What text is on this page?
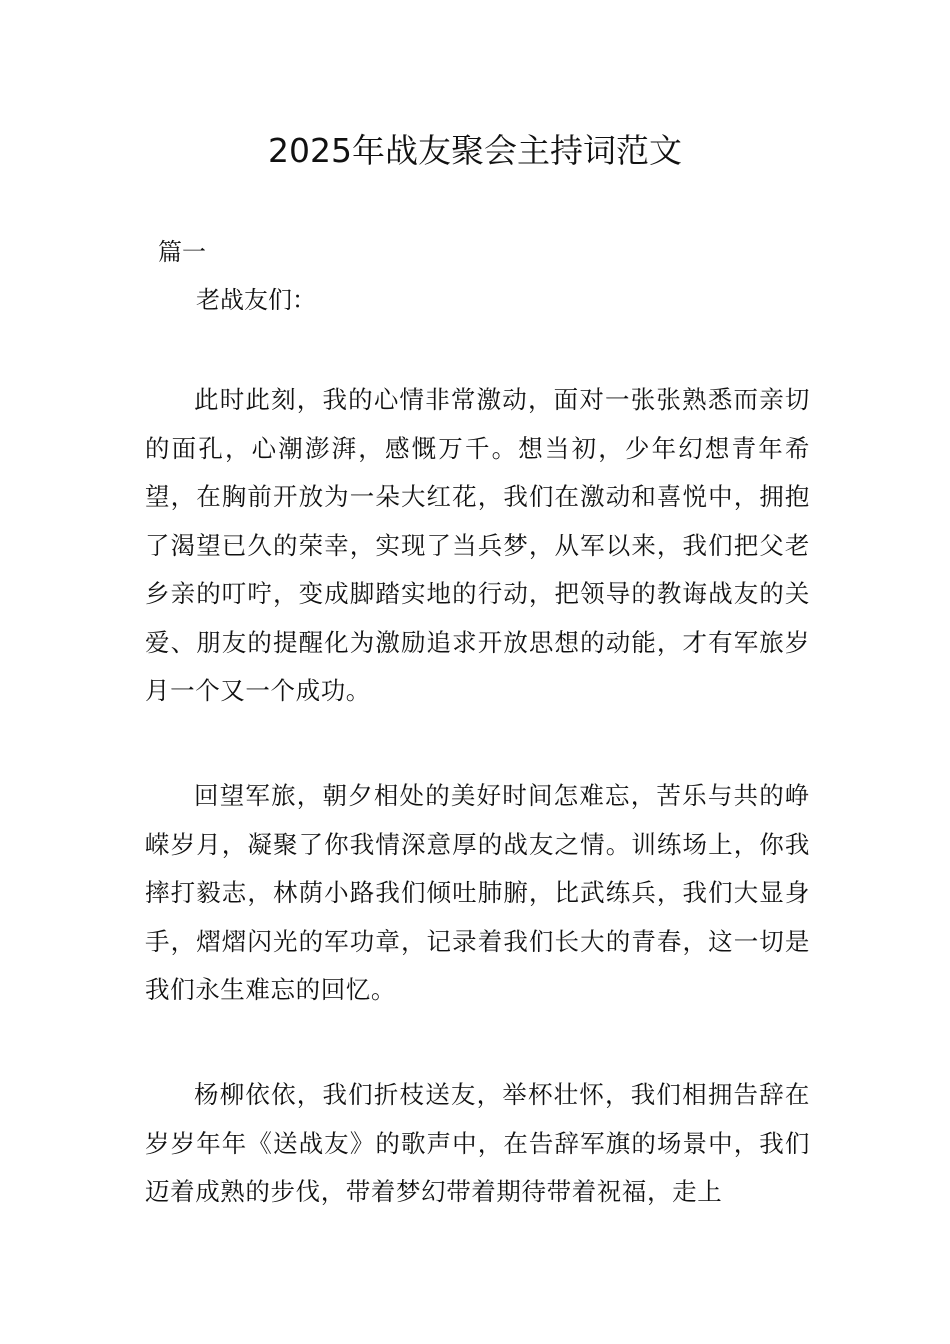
2025年战友聚会主持词范文

篇一

老战友们：

此时此刻，我的心情非常激动，面对一张张熟悉而亲切的面孔，心潮澎湃，感慨万千。想当初，少年幻想青年希望，在胸前开放为一朵大红花，我们在激动和喜悦中，拥抱了渴望已久的荣幸，实现了当兵梦，从军以来，我们把父老乡亲的叮咛，变成脚踏实地的行动，把领导的教诲战友的关爱、朋友的提醒化为激励追求开放思想的动能，才有军旅岁月一个又一个成功。

回望军旅，朝夕相处的美好时间怎难忘，苦乐与共的峥嵘岁月，凝聚了你我情深意厚的战友之情。训练场上，你我摔打毅志，林荫小路我们倾吐肺腑，比武练兵，我们大显身手，熠熠闪光的军功章，记录着我们长大的青春，这一切是我们永生难忘的回忆。

杨柳依依，我们折枝送友，举杯壮怀，我们相拥告辞在岁岁年年《送战友》的歌声中，在告辞军旗的场景中，我们迈着成熟的步伐，带着梦幻带着期待带着祝福，走上
